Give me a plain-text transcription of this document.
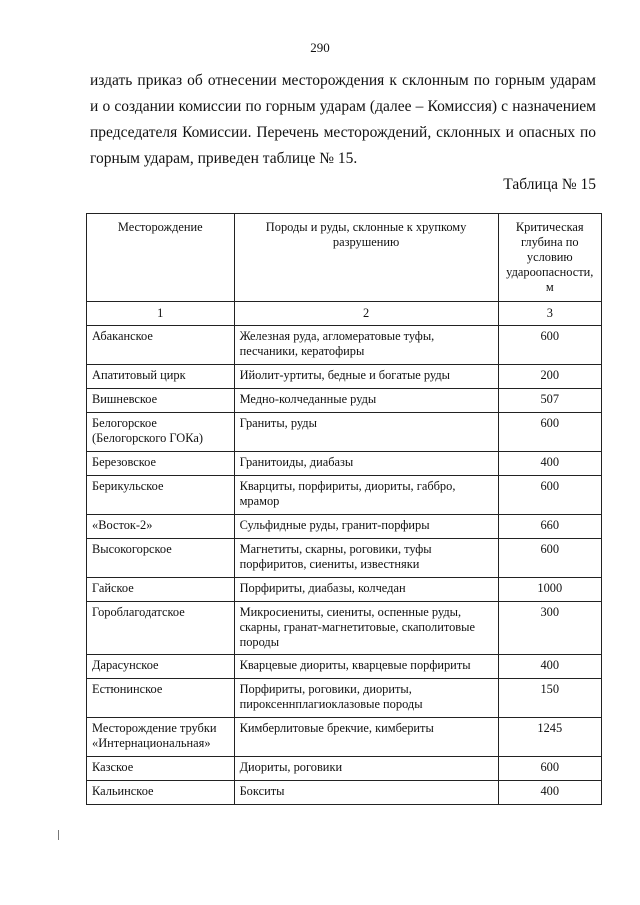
290

издать приказ об отнесении месторождения к склонным по горным ударам и о создании комиссии по горным ударам (далее – Комиссия) с назначением председателя Комиссии. Перечень месторождений, склонных и опасных по горным ударам, приведен таблице № 15.

Таблица № 15
Месторождение	Породы и руды, склонные к хрупкому разрушению	Критическая глубина по условию удароопасности, м
1	2	3
Абаканское	Железная руда, агломератовые туфы, песчаники, кератофиры	600
Апатитовый цирк	Ийолит-уртиты, бедные и богатые руды	200
Вишневское	Медно-колчеданные руды	507
Белогорское (Белогорского ГОКа)	Граниты, руды	600
Березовское	Гранитоиды, диабазы	400
Берикульское	Кварциты, порфириты, диориты, габбро, мрамор	600
«Восток-2»	Сульфидные руды, гранит-порфиры	660
Высокогорское	Магнетиты, скарны, роговики, туфы порфиритов, сиениты, известняки	600
Гайское	Порфириты, диабазы, колчедан	1000
Гороблагодатское	Микросиениты, сиениты, оспенные руды, скарны, гранат-магнетитовые, скаполитовые породы	300
Дарасунское	Кварцевые диориты, кварцевые порфириты	400
Естюнинское	Порфириты, роговики, диориты, пироксеннплагиоклазовые породы	150
Месторождение трубки «Интернациональная»	Кимберлитовые брекчие, кимбериты	1245
Казское	Диориты, роговики	600
Кальинское	Бокситы	400
